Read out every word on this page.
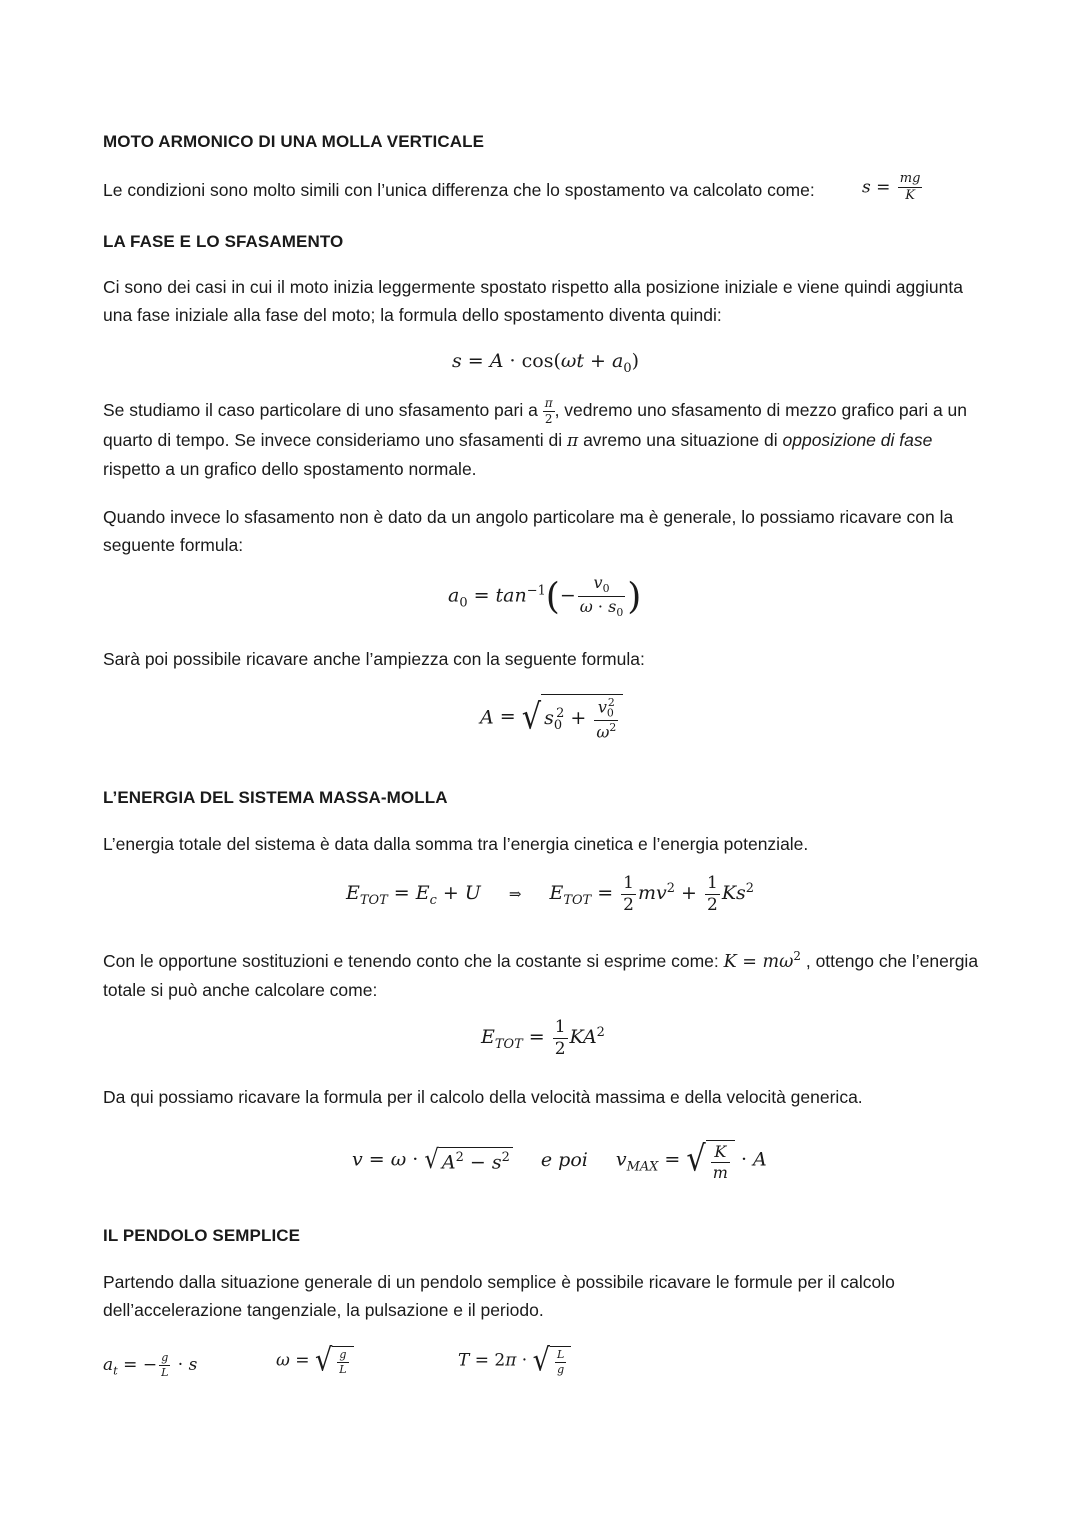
MOTO ARMONICO DI UNA MOLLA VERTICALE
Le condizioni sono molto simili con l’unica differenza che lo spostamento va calcolato come:	$s = \frac{mg}{K}$
LA FASE E LO SFASAMENTO
Ci sono dei casi in cui il moto inizia leggermente spostato rispetto alla posizione iniziale e viene quindi aggiunta una fase iniziale alla fase del moto; la formula dello spostamento diventa quindi:
$s = A \cdot \cos(\omega t + a_0)$
Se studiamo il caso particolare di uno sfasamento pari a $\frac{\pi}{2}$ , vedremo uno sfasamento di mezzo grafico pari a un quarto di tempo. Se invece consideriamo uno sfasamenti di π avremo una situazione di opposizione di fase rispetto a un grafico dello spostamento normale.
Quando invece lo sfasamento non è dato da un angolo particolare ma è generale, lo possiamo ricavare con la seguente formula:
$a_0 = \tan^{-1}(- \frac{v_0}{\omega \cdot s_0}$ )
Sarà poi possibile ricavare anche l’ampiezza con la seguente formula:
A = √ $s_0^2 + \frac{v_0^2}{\omega^2}$
L’ENERGIA DEL SISTEMA MASSA-MOLLA
L’energia totale del sistema è data dalla somma tra l’energia cinetica e l’energia potenziale.
$E_{TOT} = E_c + U$ ⇒ $E_{TOT} = \frac{1}{2} mv^2 + \frac{1}{2} Ks^2$
Con le opportune sostituzioni e tenendo conto che la costante si esprime come: $K = m\omega^2$ , ottengo che l’energia totale si può anche calcolare come:
$E_{TOT} = \frac{1}{2} KA^2$
Da qui possiamo ricavare la formula per il calcolo della velocità massima e della velocità generica.
v = ω · √ $A^2 - s^2$ e poi $v_{MAX}$ = √ $\frac{K}{m} \cdot A$
IL PENDOLO SEMPLICE
Partendo dalla situazione generale di un pendolo semplice è possibile ricavare le formule per il calcolo dell’accelerazione tangenziale, la pulsazione e il periodo.
$a_t$ = − $\frac{g}{L} \cdot s$	ω = √ $\frac{g}{L}$	T = 2π · √ $\frac{L}{g}$
